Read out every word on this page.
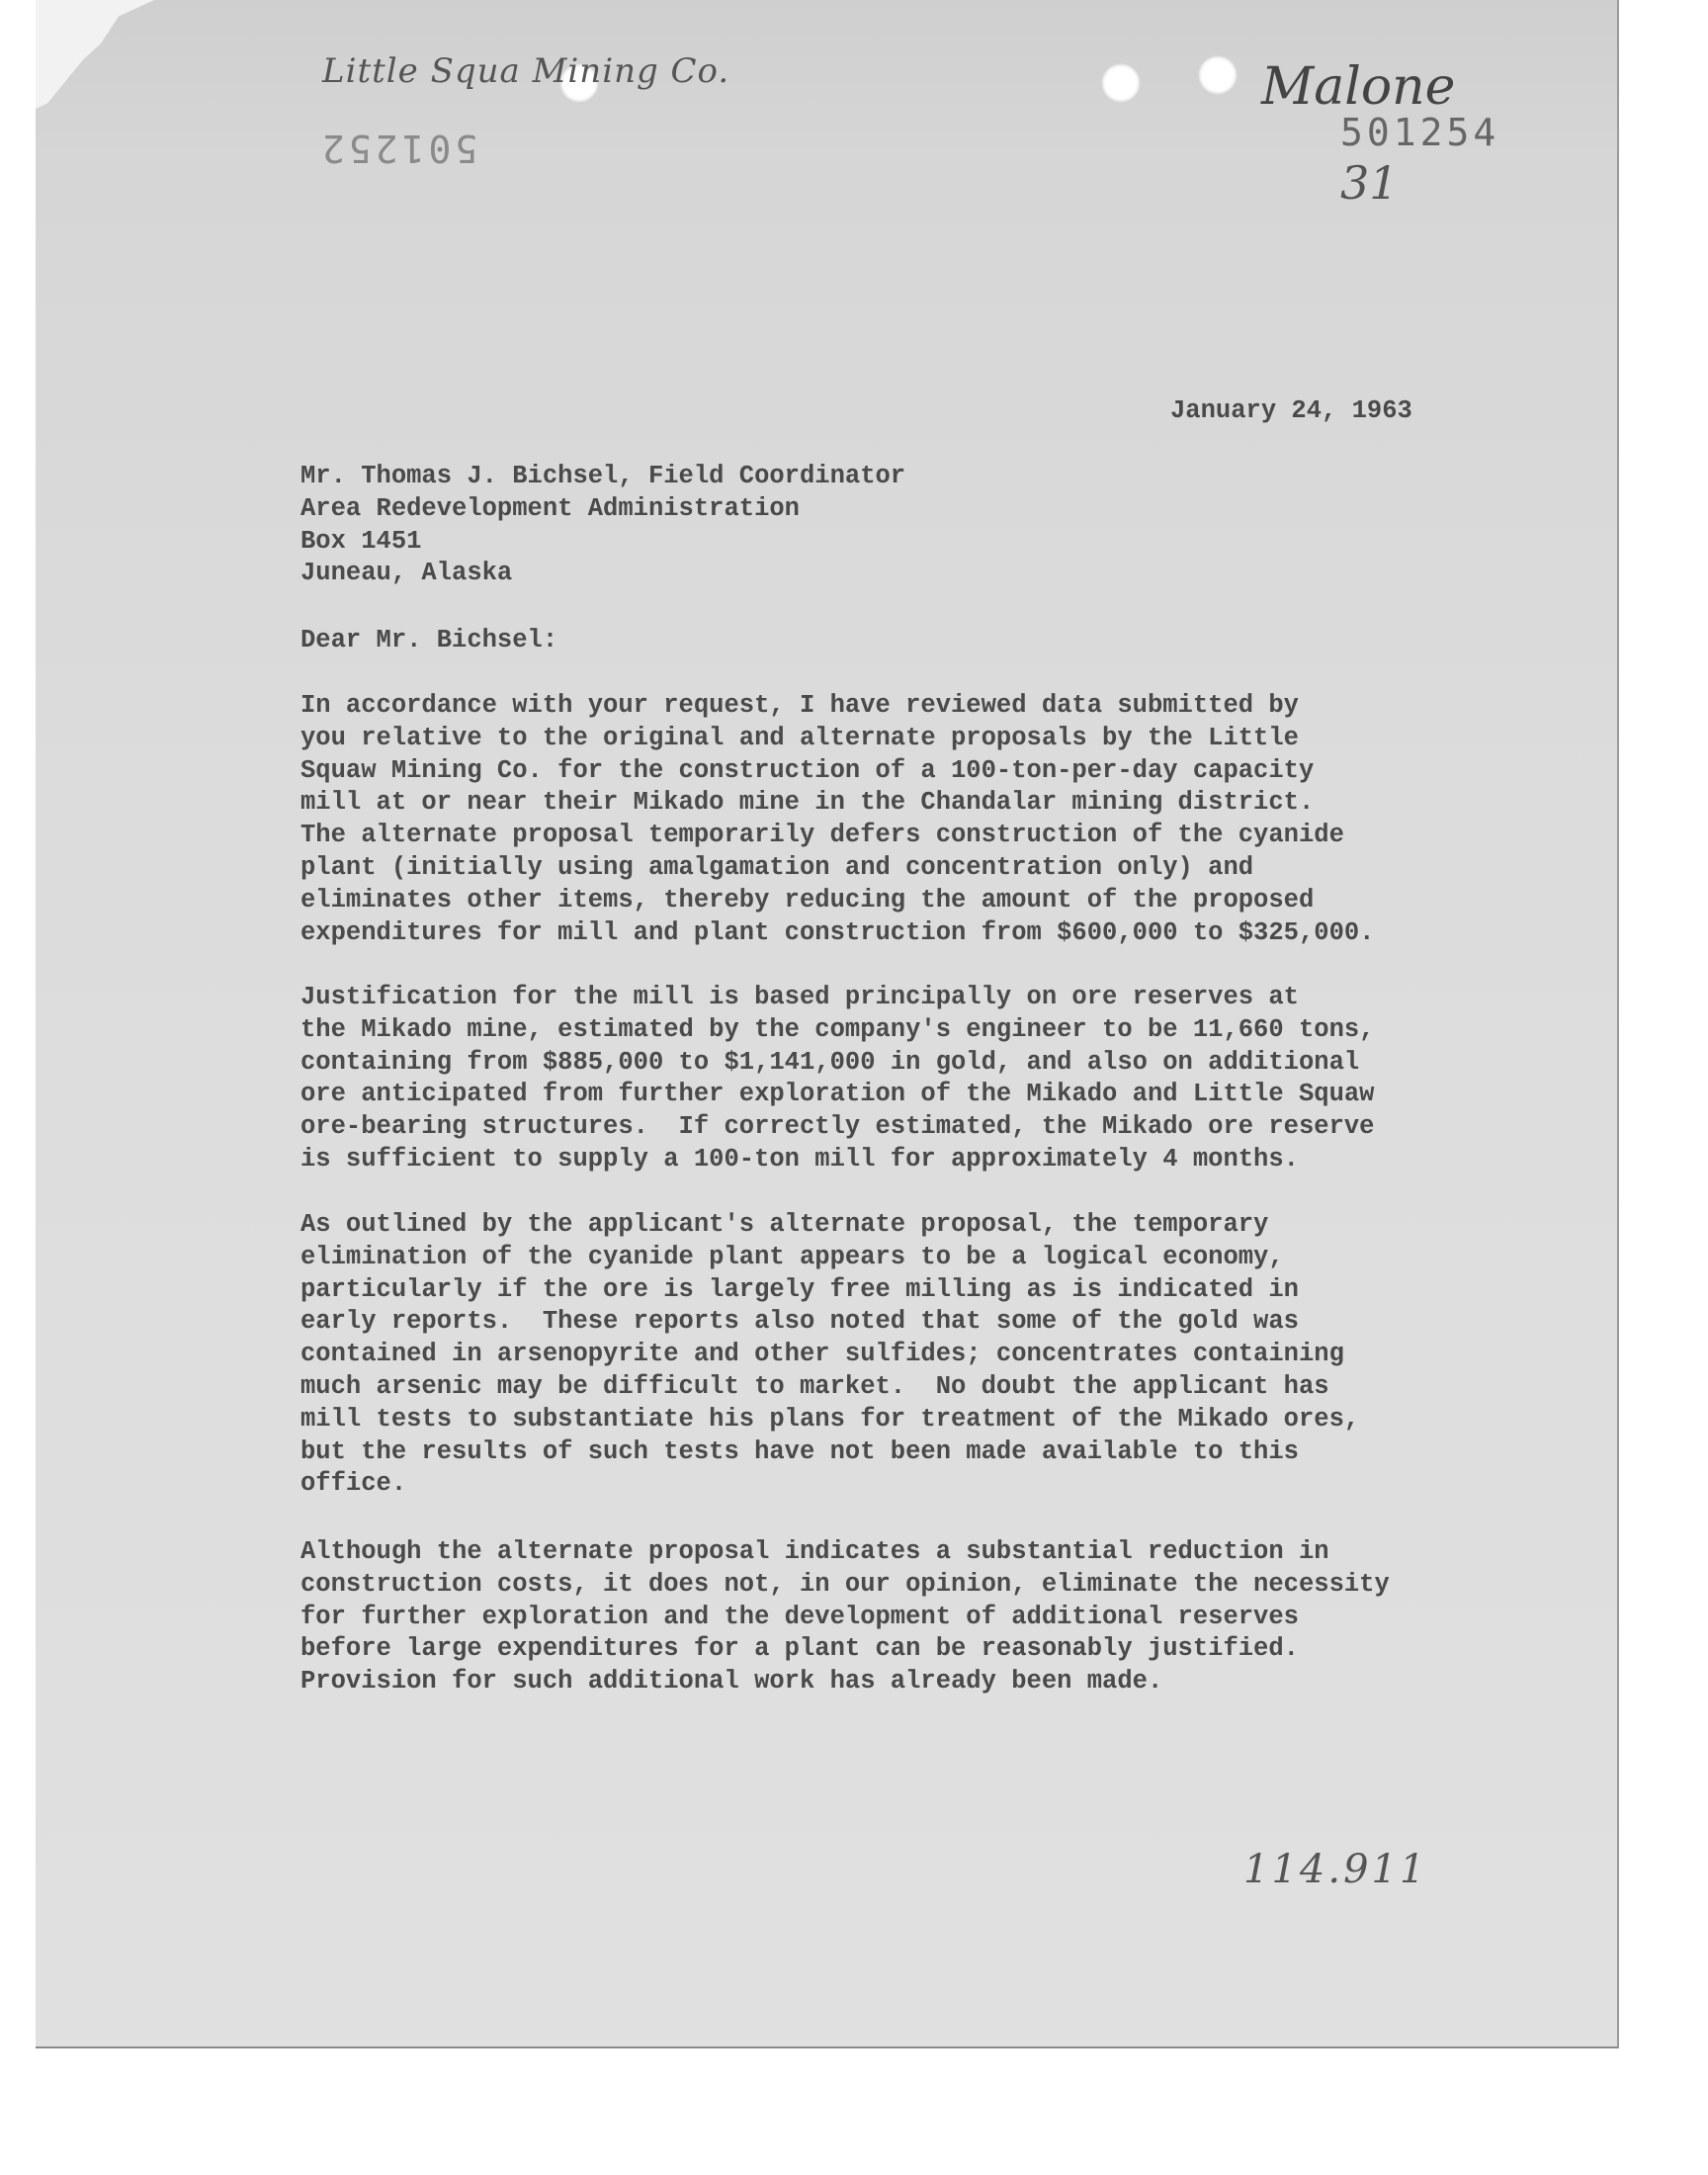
Little Squa Mining Co.	Malone
501252	501254
31
January 24, 1963
Mr. Thomas J. Bichsel, Field Coordinator
Area Redevelopment Administration
Box 1451
Juneau, Alaska
Dear Mr. Bichsel:
In accordance with your request, I have reviewed data submitted by
you relative to the original and alternate proposals by the Little
Squaw Mining Co. for the construction of a 100-ton-per-day capacity
mill at or near their Mikado mine in the Chandalar mining district.
The alternate proposal temporarily defers construction of the cyanide
plant (initially using amalgamation and concentration only) and
eliminates other items, thereby reducing the amount of the proposed
expenditures for mill and plant construction from $600,000 to $325,000.
Justification for the mill is based principally on ore reserves at
the Mikado mine, estimated by the company's engineer to be 11,660 tons,
containing from $885,000 to $1,141,000 in gold, and also on additional
ore anticipated from further exploration of the Mikado and Little Squaw
ore-bearing structures.  If correctly estimated, the Mikado ore reserve
is sufficient to supply a 100-ton mill for approximately 4 months.
As outlined by the applicant's alternate proposal, the temporary
elimination of the cyanide plant appears to be a logical economy,
particularly if the ore is largely free milling as is indicated in
early reports.  These reports also noted that some of the gold was
contained in arsenopyrite and other sulfides; concentrates containing
much arsenic may be difficult to market.  No doubt the applicant has
mill tests to substantiate his plans for treatment of the Mikado ores,
but the results of such tests have not been made available to this
office.
Although the alternate proposal indicates a substantial reduction in
construction costs, it does not, in our opinion, eliminate the necessity
for further exploration and the development of additional reserves
before large expenditures for a plant can be reasonably justified.
Provision for such additional work has already been made.
114.911
